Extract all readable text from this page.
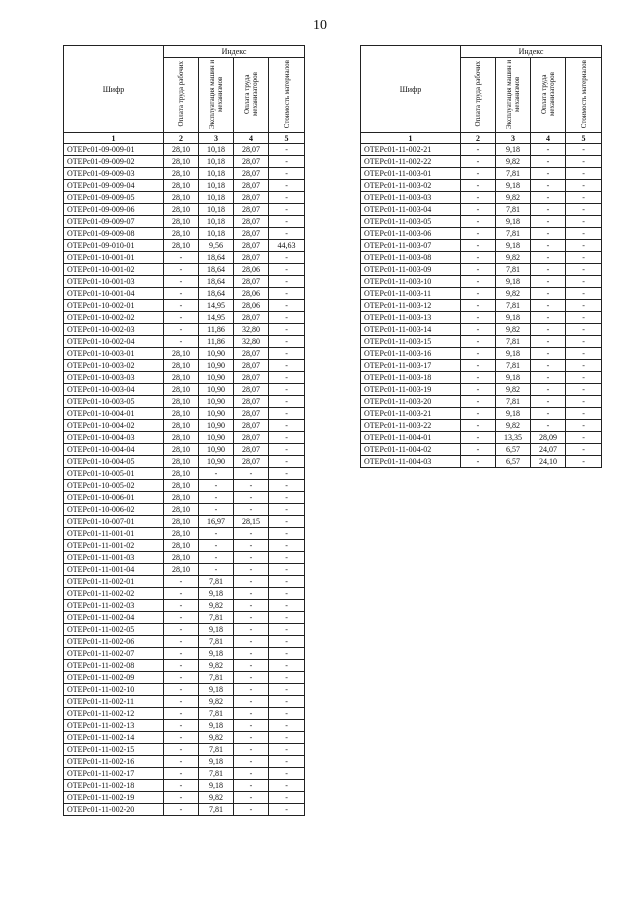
10
Шифр	Индекс			
	Оплата труда рабочих	Эксплуатация машин и механизмов	Оплата труда механизаторов	Стоимость материалов
1	2	3	4	5
ОТЕРс01-09-009-01	28,10	10,18	28,07	-
ОТЕРс01-09-009-02	28,10	10,18	28,07	-
ОТЕРс01-09-009-03	28,10	10,18	28,07	-
ОТЕРс01-09-009-04	28,10	10,18	28,07	-
ОТЕРс01-09-009-05	28,10	10,18	28,07	-
ОТЕРс01-09-009-06	28,10	10,18	28,07	-
ОТЕРс01-09-009-07	28,10	10,18	28,07	-
ОТЕРс01-09-009-08	28,10	10,18	28,07	-
ОТЕРс01-09-010-01	28,10	9,56	28,07	44,63
ОТЕРс01-10-001-01	-	18,64	28,07	-
ОТЕРс01-10-001-02	-	18,64	28,06	-
ОТЕРс01-10-001-03	-	18,64	28,07	-
ОТЕРс01-10-001-04	-	18,64	28,06	-
ОТЕРс01-10-002-01	-	14,95	28,06	-
ОТЕРс01-10-002-02	-	14,95	28,07	-
ОТЕРс01-10-002-03	-	11,86	32,80	-
ОТЕРс01-10-002-04	-	11,86	32,80	-
ОТЕРс01-10-003-01	28,10	10,90	28,07	-
ОТЕРс01-10-003-02	28,10	10,90	28,07	-
ОТЕРс01-10-003-03	28,10	10,90	28,07	-
ОТЕРс01-10-003-04	28,10	10,90	28,07	-
ОТЕРс01-10-003-05	28,10	10,90	28,07	-
ОТЕРс01-10-004-01	28,10	10,90	28,07	-
ОТЕРс01-10-004-02	28,10	10,90	28,07	-
ОТЕРс01-10-004-03	28,10	10,90	28,07	-
ОТЕРс01-10-004-04	28,10	10,90	28,07	-
ОТЕРс01-10-004-05	28,10	10,90	28,07	-
ОТЕРс01-10-005-01	28,10	-	-	-
ОТЕРс01-10-005-02	28,10	-	-	-
ОТЕРс01-10-006-01	28,10	-	-	-
ОТЕРс01-10-006-02	28,10	-	-	-
ОТЕРс01-10-007-01	28,10	16,97	28,15	-
ОТЕРс01-11-001-01	28,10	-	-	-
ОТЕРс01-11-001-02	28,10	-	-	-
ОТЕРс01-11-001-03	28,10	-	-	-
ОТЕРс01-11-001-04	28,10	-	-	-
ОТЕРс01-11-002-01	-	7,81	-	-
ОТЕРс01-11-002-02	-	9,18	-	-
ОТЕРс01-11-002-03	-	9,82	-	-
ОТЕРс01-11-002-04	-	7,81	-	-
ОТЕРс01-11-002-05	-	9,18	-	-
ОТЕРс01-11-002-06	-	7,81	-	-
ОТЕРс01-11-002-07	-	9,18	-	-
ОТЕРс01-11-002-08	-	9,82	-	-
ОТЕРс01-11-002-09	-	7,81	-	-
ОТЕРс01-11-002-10	-	9,18	-	-
ОТЕРс01-11-002-11	-	9,82	-	-
ОТЕРс01-11-002-12	-	7,81	-	-
ОТЕРс01-11-002-13	-	9,18	-	-
ОТЕРс01-11-002-14	-	9,82	-	-
ОТЕРс01-11-002-15	-	7,81	-	-
ОТЕРс01-11-002-16	-	9,18	-	-
ОТЕРс01-11-002-17	-	7,81	-	-
ОТЕРс01-11-002-18	-	9,18	-	-
ОТЕРс01-11-002-19	-	9,82	-	-
ОТЕРс01-11-002-20	-	7,81	-	-
Шифр	Индекс			
	Оплата труда рабочих	Эксплуатация машин и механизмов	Оплата труда механизаторов	Стоимость материалов
1	2	3	4	5
ОТЕРс01-11-002-21	-	9,18	-	-
ОТЕРс01-11-002-22	-	9,82	-	-
ОТЕРс01-11-003-01	-	7,81	-	-
ОТЕРс01-11-003-02	-	9,18	-	-
ОТЕРс01-11-003-03	-	9,82	-	-
ОТЕРс01-11-003-04	-	7,81	-	-
ОТЕРс01-11-003-05	-	9,18	-	-
ОТЕРс01-11-003-06	-	7,81	-	-
ОТЕРс01-11-003-07	-	9,18	-	-
ОТЕРс01-11-003-08	-	9,82	-	-
ОТЕРс01-11-003-09	-	7,81	-	-
ОТЕРс01-11-003-10	-	9,18	-	-
ОТЕРс01-11-003-11	-	9,82	-	-
ОТЕРс01-11-003-12	-	7,81	-	-
ОТЕРс01-11-003-13	-	9,18	-	-
ОТЕРс01-11-003-14	-	9,82	-	-
ОТЕРс01-11-003-15	-	7,81	-	-
ОТЕРс01-11-003-16	-	9,18	-	-
ОТЕРс01-11-003-17	-	7,81	-	-
ОТЕРс01-11-003-18	-	9,18	-	-
ОТЕРс01-11-003-19	-	9,82	-	-
ОТЕРс01-11-003-20	-	7,81	-	-
ОТЕРс01-11-003-21	-	9,18	-	-
ОТЕРс01-11-003-22	-	9,82	-	-
ОТЕРс01-11-004-01	-	13,35	28,09	-
ОТЕРс01-11-004-02	-	6,57	24,07	-
ОТЕРс01-11-004-03	-	6,57	24,10	-
